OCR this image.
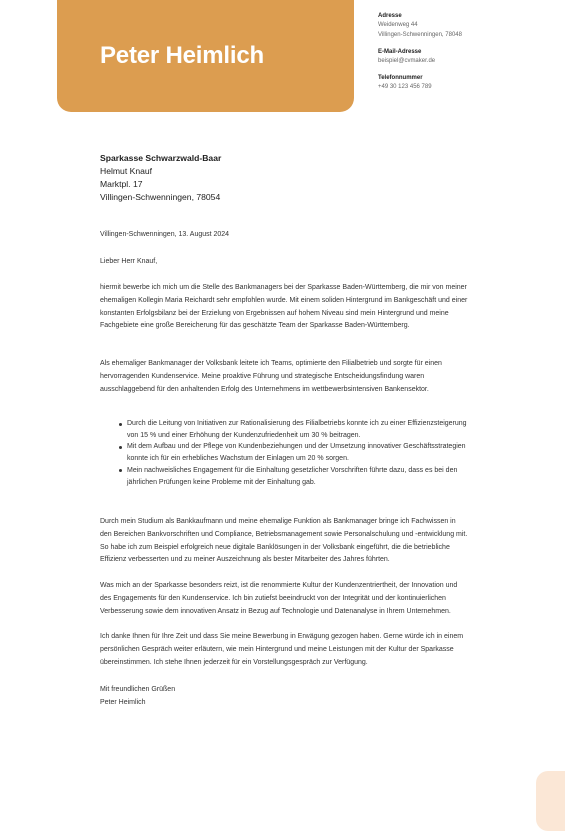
Peter Heimlich
Adresse
Weidenweg 44
Villingen-Schwenningen, 78048
E-Mail-Adresse
beispiel@cvmaker.de
Telefonnummer
+49 30 123 456 789
Sparkasse Schwarzwald-Baar
Helmut Knauf
Marktpl. 17
Villingen-Schwenningen, 78054
Villingen-Schwenningen, 13. August 2024
Lieber Herr Knauf,

hiermit bewerbe ich mich um die Stelle des Bankmanagers bei der Sparkasse Baden-Württemberg, die mir von meiner ehemaligen Kollegin Maria Reichardt sehr empfohlen wurde. Mit einem soliden Hintergrund im Bankgeschäft und einer konstanten Erfolgsbilanz bei der Erzielung von Ergebnissen auf hohem Niveau sind mein Hintergrund und meine Fachgebiete eine große Bereicherung für das geschätzte Team der Sparkasse Baden-Württemberg.

Als ehemaliger Bankmanager der Volksbank leitete ich Teams, optimierte den Filialbetrieb und sorgte für einen hervorragenden Kundenservice. Meine proaktive Führung und strategische Entscheidungsfindung waren ausschlaggebend für den anhaltenden Erfolg des Unternehmens im wettbewerbsintensiven Bankensektor.

Durch die Leitung von Initiativen zur Rationalisierung des Filialbetriebs konnte ich zu einer Effizienzsteigerung von 15 % und einer Erhöhung der Kundenzufriedenheit um 30 % beitragen.
Mit dem Aufbau und der Pflege von Kundenbeziehungen und der Umsetzung innovativer Geschäftsstrategien konnte ich für ein erhebliches Wachstum der Einlagen um 20 % sorgen.
Mein nachweisliches Engagement für die Einhaltung gesetzlicher Vorschriften führte dazu, dass es bei den jährlichen Prüfungen keine Probleme mit der Einhaltung gab.

Durch mein Studium als Bankkaufmann und meine ehemalige Funktion als Bankmanager bringe ich Fachwissen in den Bereichen Bankvorschriften und Compliance, Betriebsmanagement sowie Personalschulung und -entwicklung mit. So habe ich zum Beispiel erfolgreich neue digitale Banklösungen in der Volksbank eingeführt, die die betriebliche Effizienz verbesserten und zu meiner Auszeichnung als bester Mitarbeiter des Jahres führten.

Was mich an der Sparkasse besonders reizt, ist die renommierte Kultur der Kundenzentriertheit, der Innovation und des Engagements für den Kundenservice. Ich bin zutiefst beeindruckt von der Integrität und der kontinuierlichen Verbesserung sowie dem innovativen Ansatz in Bezug auf Technologie und Datenanalyse in Ihrem Unternehmen.

Ich danke Ihnen für Ihre Zeit und dass Sie meine Bewerbung in Erwägung gezogen haben. Gerne würde ich in einem persönlichen Gespräch weiter erläutern, wie mein Hintergrund und meine Leistungen mit der Kultur der Sparkasse übereinstimmen. Ich stehe Ihnen jederzeit für ein Vorstellungsgespräch zur Verfügung.

Mit freundlichen Grüßen
Peter Heimlich
